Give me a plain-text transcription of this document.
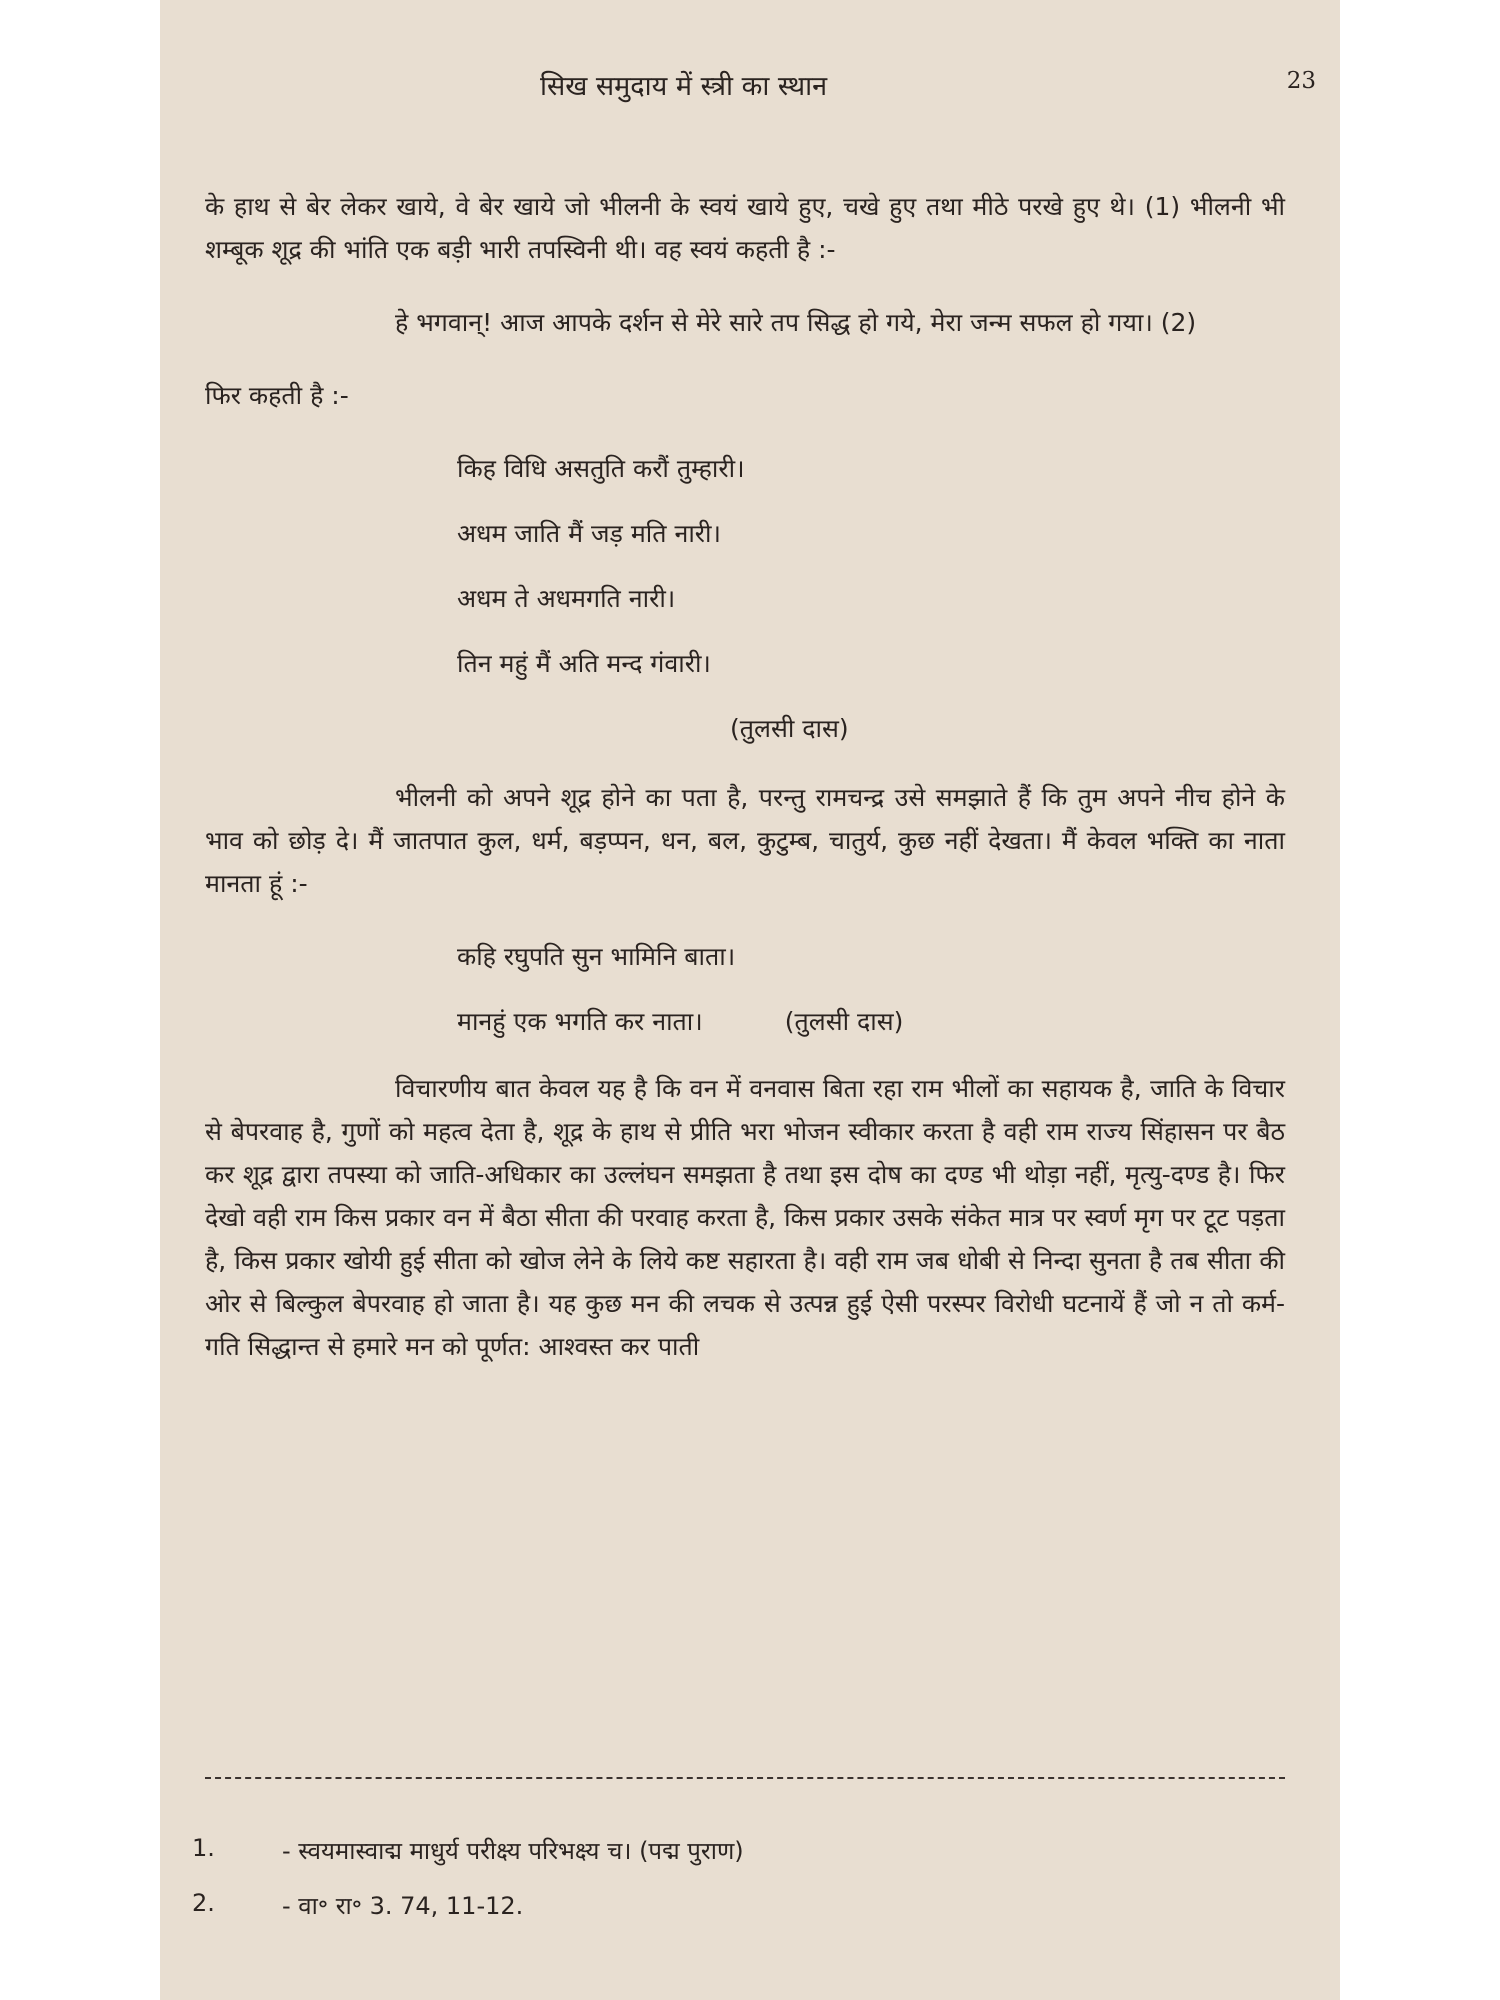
सिख समुदाय में स्त्री का स्थान	23

के हाथ से बेर लेकर खाये, वे बेर खाये जो भीलनी के स्वयं खाये हुए, चखे हुए तथा मीठे परखे हुए थे। (1) भीलनी भी शम्बूक शूद्र की भांति एक बड़ी भारी तपस्विनी थी। वह स्वयं कहती है :-

हे भगवान्! आज आपके दर्शन से मेरे सारे तप सिद्ध हो गये, मेरा जन्म सफल हो गया। (2)

फिर कहती है :-

किह विधि असतुति करौं तुम्हारी।
अधम जाति मैं जड़ मति नारी।
अधम ते अधमगति नारी।
तिन महुं मैं अति मन्द गंवारी।
(तुलसी दास)

भीलनी को अपने शूद्र होने का पता है, परन्तु रामचन्द्र उसे समझाते हैं कि तुम अपने नीच होने के भाव को छोड़ दे। मैं जातपात कुल, धर्म, बड़प्पन, धन, बल, कुटुम्ब, चातुर्य, कुछ नहीं देखता। मैं केवल भक्ति का नाता मानता हूं :-

कहि रघुपति सुन भामिनि बाता।
मानहुं एक भगति कर नाता।	(तुलसी दास)

विचारणीय बात केवल यह है कि वन में वनवास बिता रहा राम भीलों का सहायक है, जाति के विचार से बेपरवाह है, गुणों को महत्व देता है, शूद्र के हाथ से प्रीति भरा भोजन स्वीकार करता है वही राम राज्य सिंहासन पर बैठ कर शूद्र द्वारा तपस्या को जाति-अधिकार का उल्लंघन समझता है तथा इस दोष का दण्ड भी थोड़ा नहीं, मृत्यु-दण्ड है। फिर देखो वही राम किस प्रकार वन में बैठा सीता की परवाह करता है, किस प्रकार उसके संकेत मात्र पर स्वर्ण मृग पर टूट पड़ता है, किस प्रकार खोयी हुई सीता को खोज लेने के लिये कष्ट सहारता है। वही राम जब धोबी से निन्दा सुनता है तब सीता की ओर से बिल्कुल बेपरवाह हो जाता है। यह कुछ मन की लचक से उत्पन्न हुई ऐसी परस्पर विरोधी घटनायें हैं जो न तो कर्म-गति सिद्धान्त से हमारे मन को पूर्णत: आश्वस्त कर पाती

1.	- स्वयमास्वाद्म माधुर्य परीक्ष्य परिभक्ष्य च। (पद्म पुराण)
2.	- वा॰ रा॰ 3. 74, 11-12.
